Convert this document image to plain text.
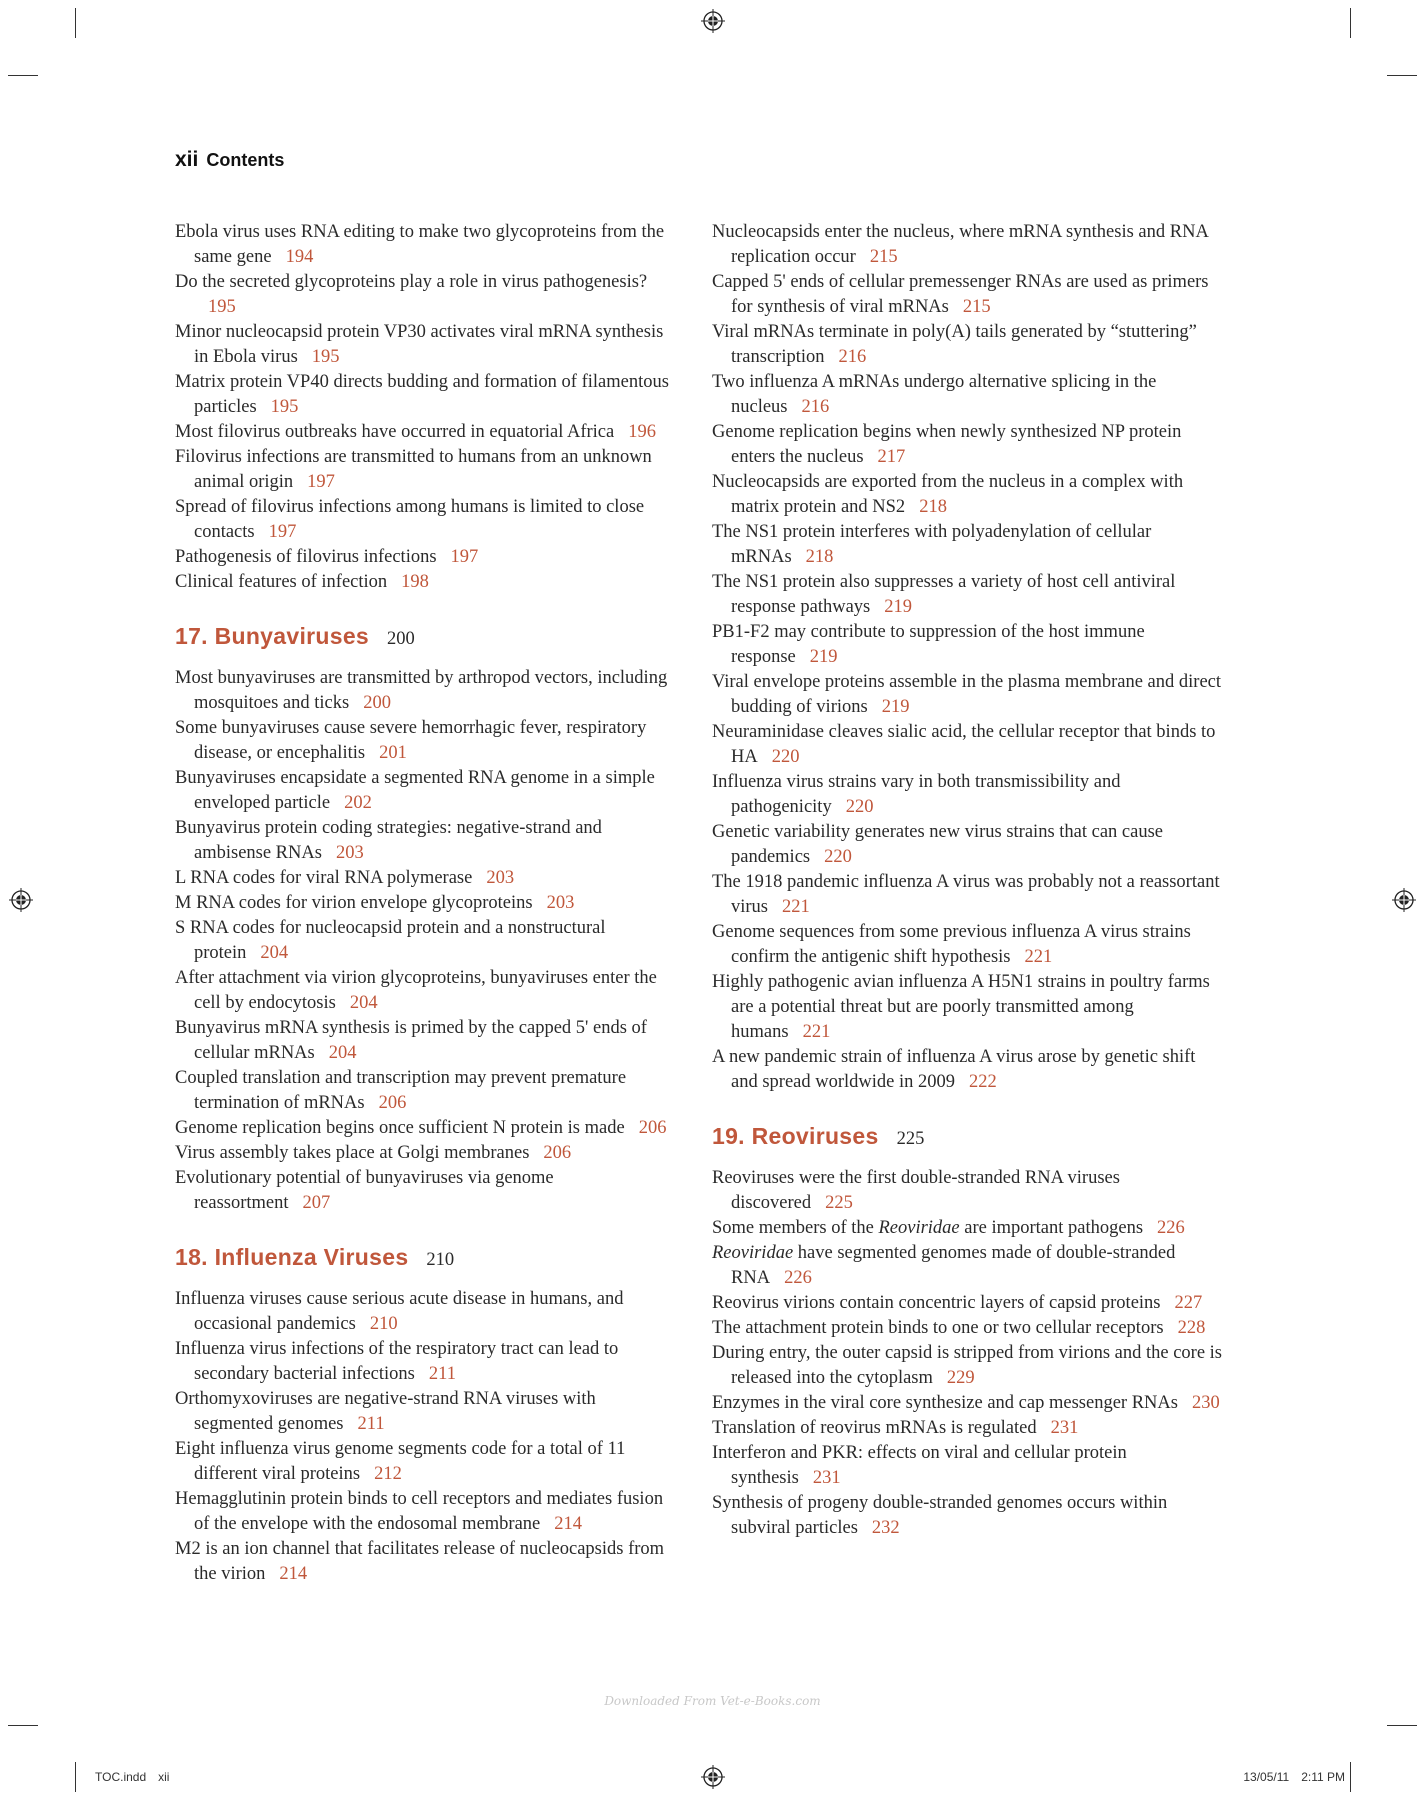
xii Contents
Ebola virus uses RNA editing to make two glycoproteins from the same gene 194
Do the secreted glycoproteins play a role in virus pathogenesis?195
Minor nucleocapsid protein VP30 activates viral mRNA synthesis in Ebola virus 195
Matrix protein VP40 directs budding and formation of filamentous particles 195
Most filovirus outbreaks have occurred in equatorial Africa 196
Filovirus infections are transmitted to humans from an unknown animal origin 197
Spread of filovirus infections among humans is limited to close contacts 197
Pathogenesis of filovirus infections 197
Clinical features of infection 198
17. Bunyaviruses 200
Most bunyaviruses are transmitted by arthropod vectors, including mosquitoes and ticks 200
Some bunyaviruses cause severe hemorrhagic fever, respiratory disease, or encephalitis 201
Bunyaviruses encapsidate a segmented RNA genome in a simple enveloped particle 202
Bunyavirus protein coding strategies: negative-strand and ambisense RNAs 203
L RNA codes for viral RNA polymerase 203
M RNA codes for virion envelope glycoproteins 203
S RNA codes for nucleocapsid protein and a nonstructural protein 204
After attachment via virion glycoproteins, bunyaviruses enter the cell by endocytosis 204
Bunyavirus mRNA synthesis is primed by the capped 5' ends of cellular mRNAs 204
Coupled translation and transcription may prevent premature termination of mRNAs 206
Genome replication begins once sufficient N protein is made 206
Virus assembly takes place at Golgi membranes 206
Evolutionary potential of bunyaviruses via genome reassortment 207
18. Influenza Viruses 210
Influenza viruses cause serious acute disease in humans, and occasional pandemics 210
Influenza virus infections of the respiratory tract can lead to secondary bacterial infections 211
Orthomyxoviruses are negative-strand RNA viruses with segmented genomes 211
Eight influenza virus genome segments code for a total of 11 different viral proteins 212
Hemagglutinin protein binds to cell receptors and mediates fusion of the envelope with the endosomal membrane 214
M2 is an ion channel that facilitates release of nucleocapsids from the virion 214
Nucleocapsids enter the nucleus, where mRNA synthesis and RNA replication occur 215
Capped 5' ends of cellular premessenger RNAs are used as primers for synthesis of viral mRNAs 215
Viral mRNAs terminate in poly(A) tails generated by “stuttering” transcription 216
Two influenza A mRNAs undergo alternative splicing in the nucleus 216
Genome replication begins when newly synthesized NP protein enters the nucleus 217
Nucleocapsids are exported from the nucleus in a complex with matrix protein and NS2 218
The NS1 protein interferes with polyadenylation of cellular mRNAs 218
The NS1 protein also suppresses a variety of host cell antiviral response pathways 219
PB1-F2 may contribute to suppression of the host immune response 219
Viral envelope proteins assemble in the plasma membrane and direct budding of virions 219
Neuraminidase cleaves sialic acid, the cellular receptor that binds to HA 220
Influenza virus strains vary in both transmissibility and pathogenicity 220
Genetic variability generates new virus strains that can cause pandemics 220
The 1918 pandemic influenza A virus was probably not a reassortant virus 221
Genome sequences from some previous influenza A virus strains confirm the antigenic shift hypothesis 221
Highly pathogenic avian influenza A H5N1 strains in poultry farms are a potential threat but are poorly transmitted among humans 221
A new pandemic strain of influenza A virus arose by genetic shift and spread worldwide in 2009 222
19. Reoviruses 225
Reoviruses were the first double-stranded RNA viruses discovered 225
Some members of the Reoviridae are important pathogens 226
Reoviridae have segmented genomes made of double-stranded RNA 226
Reovirus virions contain concentric layers of capsid proteins 227
The attachment protein binds to one or two cellular receptors 228
During entry, the outer capsid is stripped from virions and the core is released into the cytoplasm 229
Enzymes in the viral core synthesize and cap messenger RNAs 230
Translation of reovirus mRNAs is regulated 231
Interferon and PKR: effects on viral and cellular protein synthesis 231
Synthesis of progeny double-stranded genomes occurs within subviral particles 232
Downloaded From Vet-e-Books.com
TOC.indd xii	13/05/11 2:11 PM
